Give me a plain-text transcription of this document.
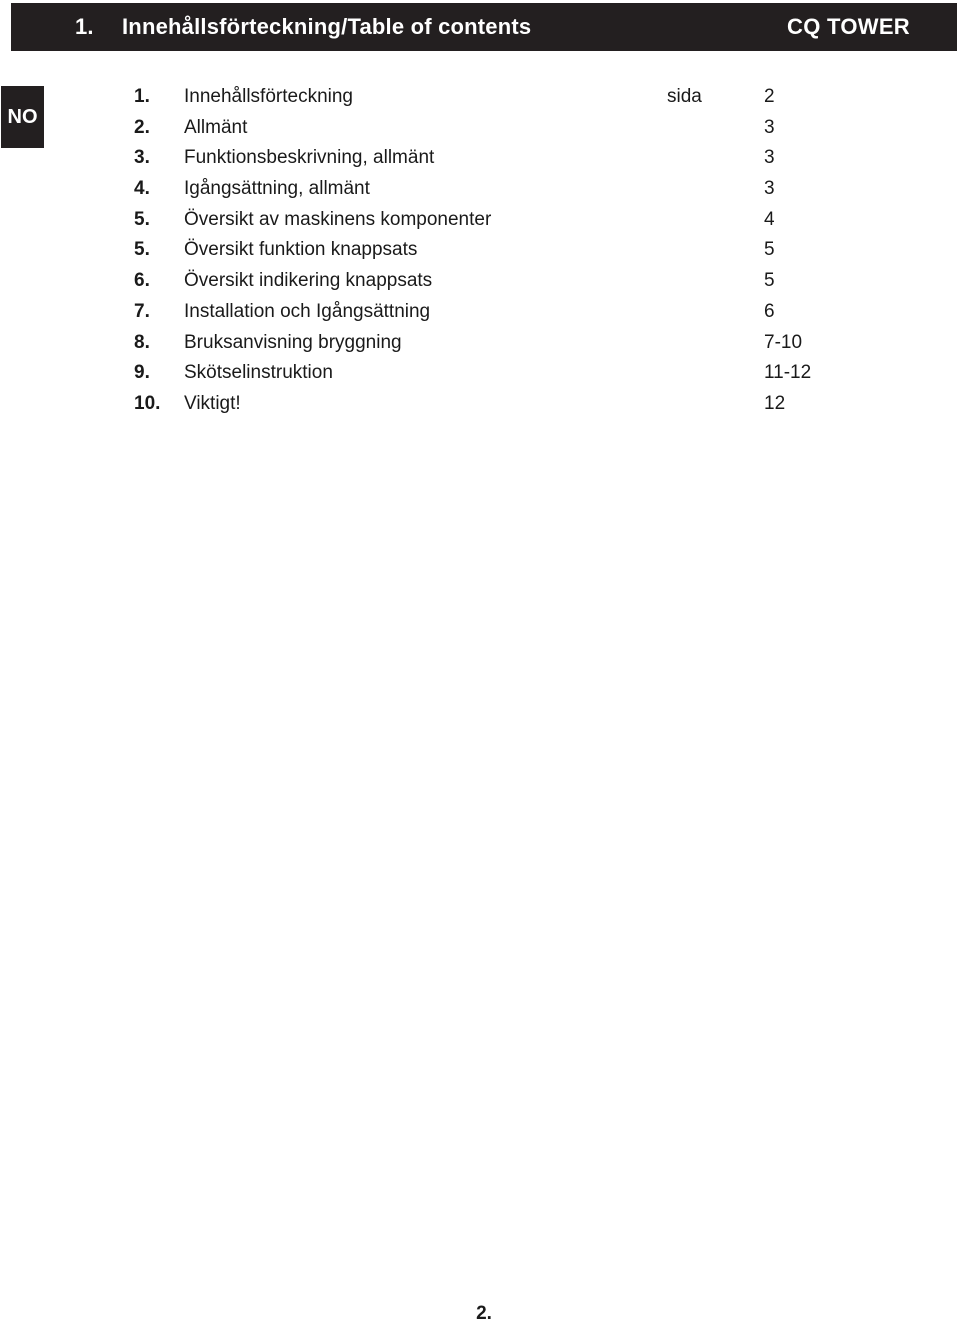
1. Innehållsförteckning/Table of contents	CQ TOWER
NO
1. Innehållsförteckning	sida	2
2. Allmänt	3
3. Funktionsbeskrivning, allmänt	3
4. Igångsättning, allmänt	3
5. Översikt av maskinens komponenter	4
5. Översikt funktion knappsats	5
6. Översikt indikering knappsats	5
7. Installation och Igångsättning	6
8. Bruksanvisning bryggning	7-10
9. Skötselinstruktion	11-12
10. Viktigt!	12
2.
